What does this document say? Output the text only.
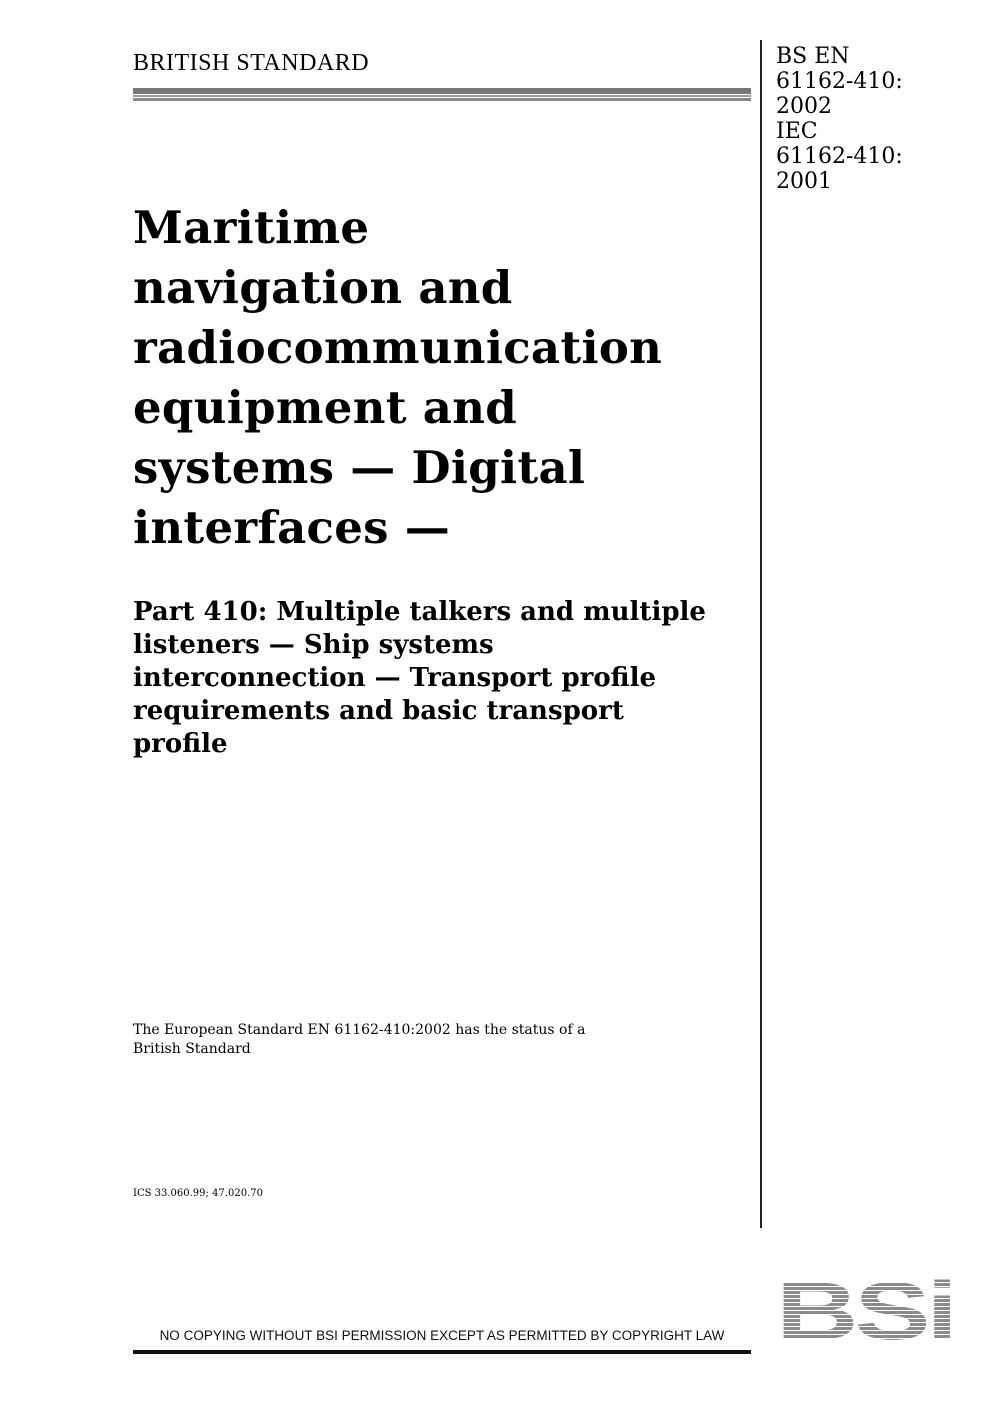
BRITISH STANDARD	BS EN
61162-410:
2002
IEC
61162-410:
2001
Maritime
navigation and
radiocommunication
equipment and
systems — Digital
interfaces —
Part 410: Multiple talkers and multiple
listeners — Ship systems
interconnection — Transport profile
requirements and basic transport
profile
The European Standard EN 61162-410:2002 has the status of a
British Standard
ICS 33.060.99; 47.020.70
NO COPYING WITHOUT BSI PERMISSION EXCEPT AS PERMITTED BY COPYRIGHT LAW BSi
